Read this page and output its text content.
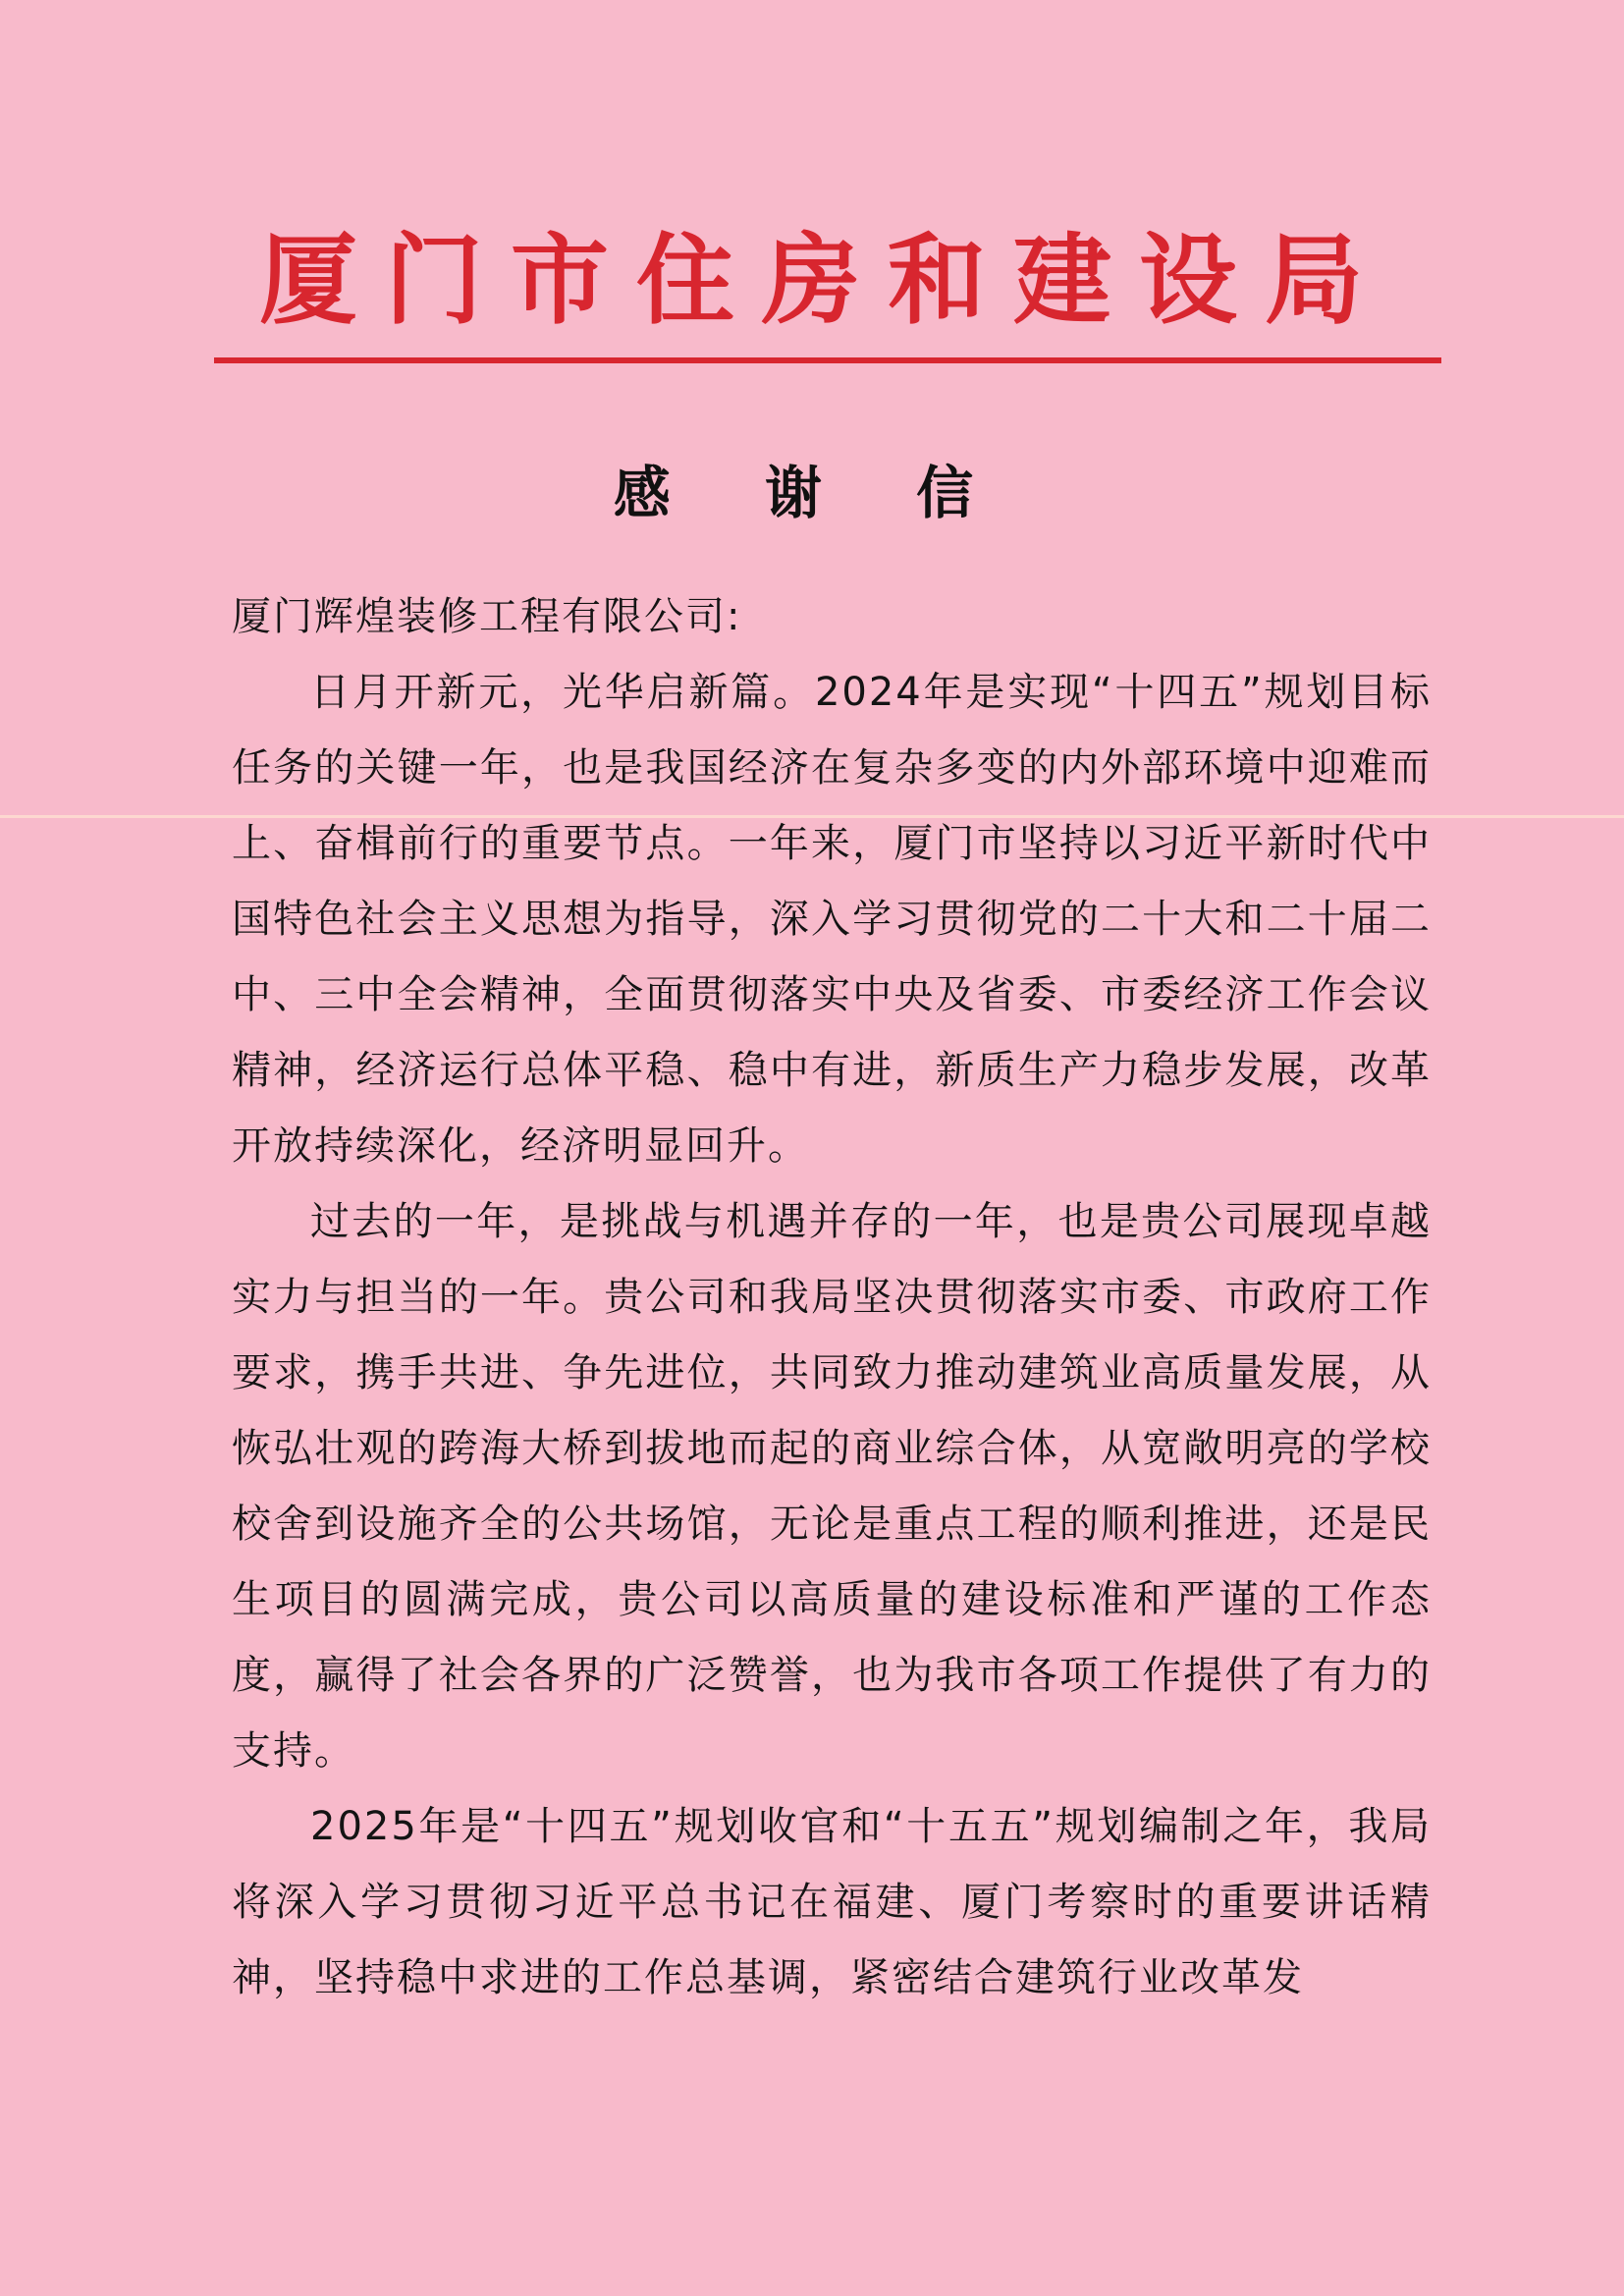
厦门市住房和建设局
感 谢 信

厦门辉煌装修工程有限公司:

日月开新元，光华启新篇。2024年是实现“十四五”规划目标任务的关键一年，也是我国经济在复杂多变的内外部环境中迎难而上、奋楫前行的重要节点。一年来，厦门市坚持以习近平新时代中国特色社会主义思想为指导，深入学习贯彻党的二十大和二十届二中、三中全会精神，全面贯彻落实中央及省委、市委经济工作会议精神，经济运行总体平稳、稳中有进，新质生产力稳步发展，改革开放持续深化，经济明显回升。

过去的一年，是挑战与机遇并存的一年，也是贵公司展现卓越实力与担当的一年。贵公司和我局坚决贯彻落实市委、市政府工作要求，携手共进、争先进位，共同致力推动建筑业高质量发展，从恢弘壮观的跨海大桥到拔地而起的商业综合体，从宽敞明亮的学校校舍到设施齐全的公共场馆，无论是重点工程的顺利推进，还是民生项目的圆满完成，贵公司以高质量的建设标准和严谨的工作态度，赢得了社会各界的广泛赞誉，也为我市各项工作提供了有力的支持。

2025年是“十四五”规划收官和“十五五”规划编制之年，我局将深入学习贯彻习近平总书记在福建、厦门考察时的重要讲话精神，坚持稳中求进的工作总基调，紧密结合建筑行业改革发
